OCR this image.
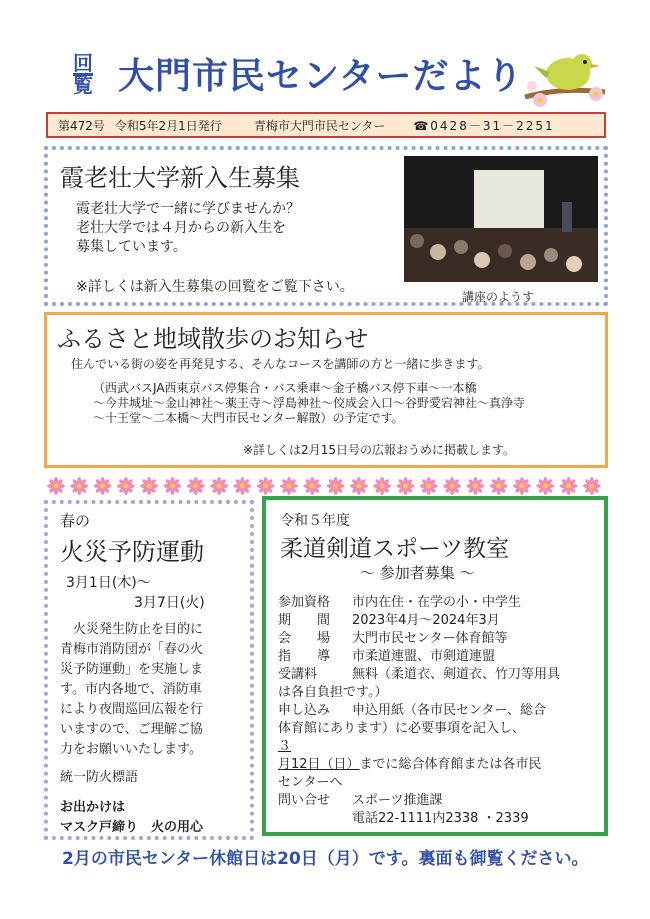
回
覧 大門市民センターだより
第472号 令和5年2月1日発行	青梅市大門市民センター ☎0428－31－2251
霞老壮大学新入生募集
霞老壮大学で一緒に学びませんか？
老壮大学では４月からの新入生を
募集しています。
※詳しくは新入生募集の回覧をご覧下さい。
講座のようす
ふるさと地域散歩のお知らせ
住んでいる街の姿を再発見する、そんなコースを講師の方と一緒に歩きます。
（西武バスJA西東京バス停集合・バス乗車～金子橋バス停下車～一本橋
～今井城址～金山神社～薬王寺～浮島神社～佼成会入口～谷野愛宕神社～真浄寺
～十王堂～二本橋～大門市民センター解散）の予定です。
※詳しくは2月15日号の広報おうめに掲載します。
春の
火災予防運動
3月1日(木)～
3月7日(火)
　火災発生防止を目的に
青梅市消防団が「春の火
災予防運動」を実施しま
す。市内各地で、消防車
により夜間巡回広報を行
いますので、ご理解ご協
力をお願いいたします。
統一防火標語
お出かけは
マスク戸締り　火の用心
令和５年度
柔道剣道スポーツ教室
～ 参加者募集 ～
参加資格	市内在住・在学の小・中学生
期　　間	2023年4月～2024年3月
会　　場	大門市民センター体育館等
指　　導	市柔道連盟、市剣道連盟
受講料	無料（柔道衣、剣道衣、竹刀等用具
は各自負担です。）
申し込み	申込用紙（各市民センター、総合
体育館にあります）に必要事項を記入し、
３
月12日（日）までに総合体育館または各市民
センターへ
問い合せ	スポーツ推進課
電話22-1111内2338 ・2339
2月の市民センター休館日は20日（月）です。裏面も御覧ください。
